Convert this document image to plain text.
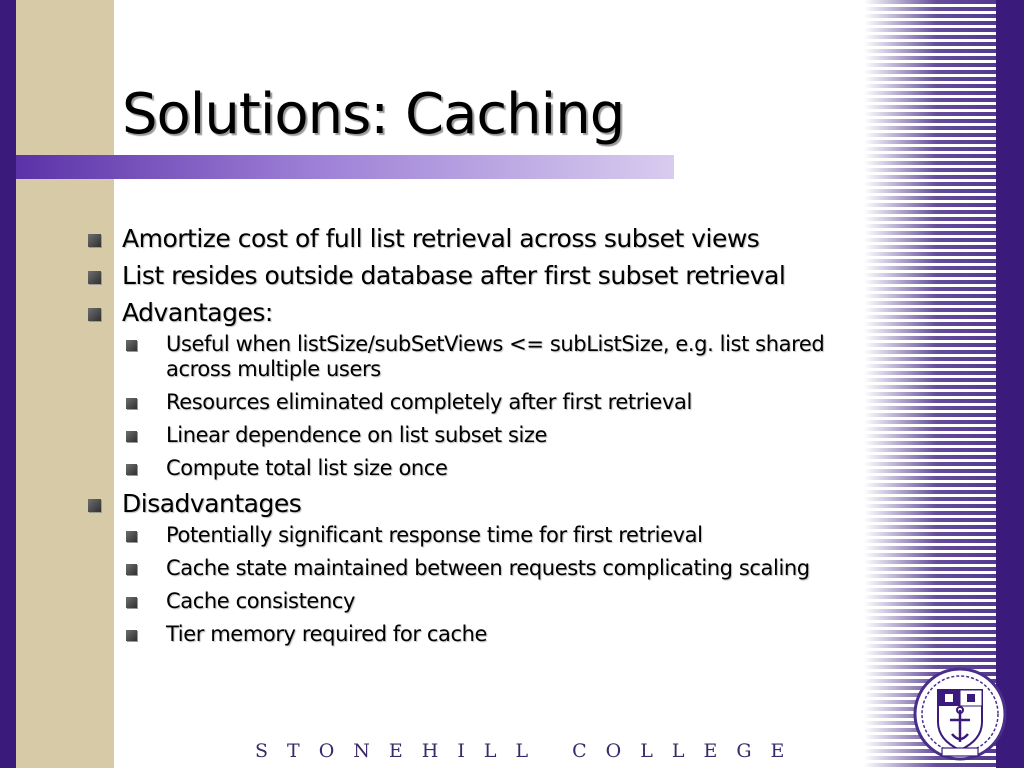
Solutions: Caching
Amortize cost of full list retrieval across subset views
List resides outside database after first subset retrieval
Advantages:
Useful when listSize/subSetViews <= subListSize, e.g. list shared across multiple users
Resources eliminated completely after first retrieval
Linear dependence on list subset size
Compute total list size once
Disadvantages
Potentially significant response time for first retrieval
Cache state maintained between requests complicating scaling
Cache consistency
Tier memory required for cache
STONEHILL COLLEGE
